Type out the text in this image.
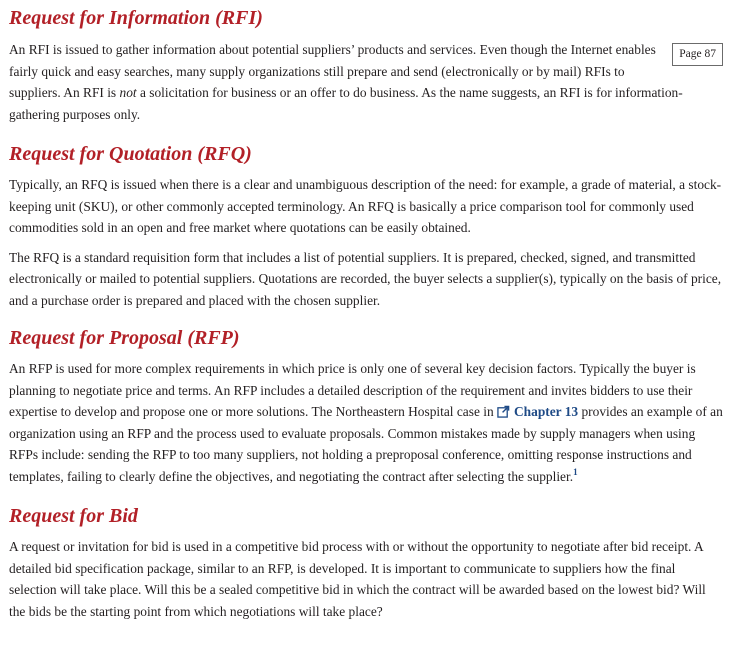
Request for Information (RFI)

Page 87
An RFI is issued to gather information about potential suppliers’ products and services. Even though the Internet enables fairly quick and easy searches, many supply organizations still prepare and send (electronically or by mail) RFIs to suppliers. An RFI is not a solicitation for business or an offer to do business. As the name suggests, an RFI is for information-gathering purposes only.

Request for Quotation (RFQ)

Typically, an RFQ is issued when there is a clear and unambiguous description of the need: for example, a grade of material, a stock-keeping unit (SKU), or other commonly accepted terminology. An RFQ is basically a price comparison tool for commonly used commodities sold in an open and free market where quotations can be easily obtained.

The RFQ is a standard requisition form that includes a list of potential suppliers. It is prepared, checked, signed, and transmitted electronically or mailed to potential suppliers. Quotations are recorded, the buyer selects a supplier(s), typically on the basis of price, and a purchase order is prepared and placed with the chosen supplier.

Request for Proposal (RFP)

An RFP is used for more complex requirements in which price is only one of several key decision factors. Typically the buyer is planning to negotiate price and terms. An RFP includes a detailed description of the requirement and invites bidders to use their expertise to develop and propose one or more solutions. The Northeastern Hospital case in Chapter 13 provides an example of an organization using an RFP and the process used to evaluate proposals. Common mistakes made by supply managers when using RFPs include: sending the RFP to too many suppliers, not holding a preproposal conference, omitting response instructions and templates, failing to clearly define the objectives, and negotiating the contract after selecting the supplier.$^1$

Request for Bid

A request or invitation for bid is used in a competitive bid process with or without the opportunity to negotiate after bid receipt. A detailed bid specification package, similar to an RFP, is developed. It is important to communicate to suppliers how the final selection will take place. Will this be a sealed competitive bid in which the contract will be awarded based on the lowest bid? Will the bids be the starting point from which negotiations will take place?
